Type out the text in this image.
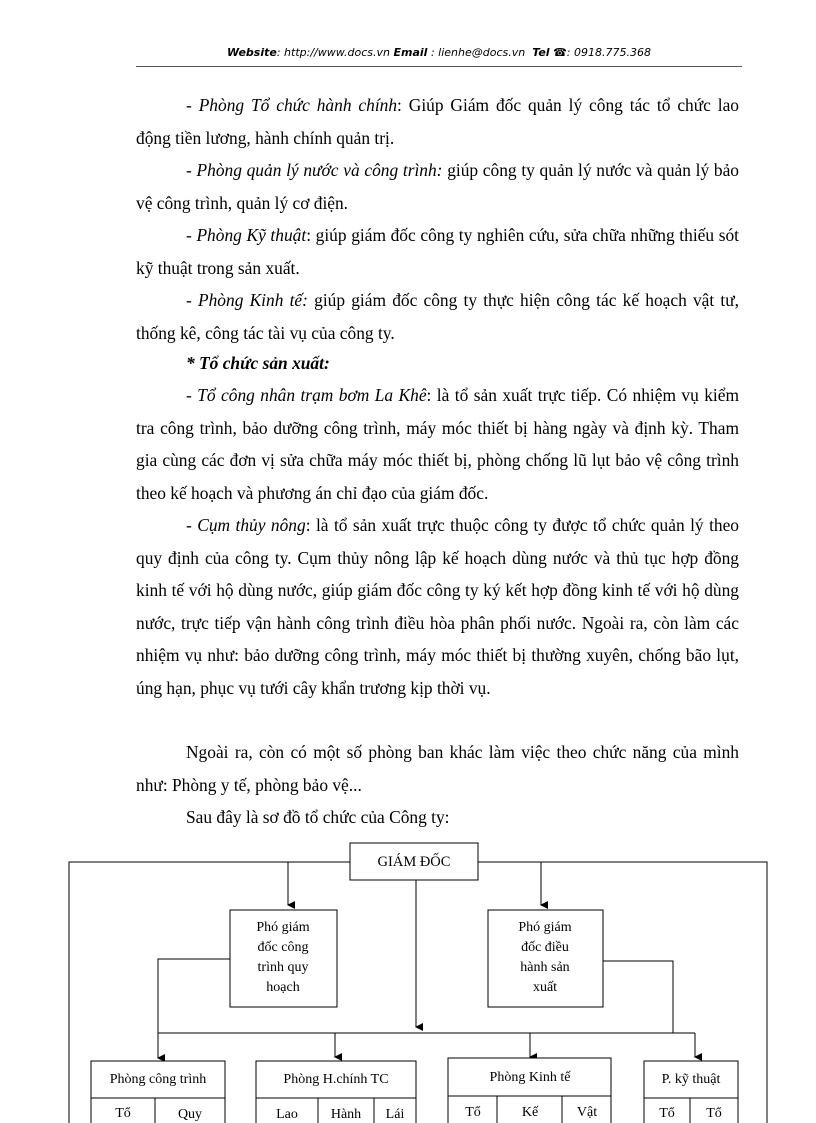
Website: http://www.docs.vn Email : lienhe@docs.vn Tel ☎: 0918.775.368

- Phòng Tổ chức hành chính: Giúp Giám đốc quản lý công tác tổ chức lao động tiền lương, hành chính quản trị.

- Phòng quản lý nước và công trình: giúp công ty quản lý nước và quản lý bảo vệ công trình, quản lý cơ điện.

- Phòng Kỹ thuật: giúp giám đốc công ty nghiên cứu, sửa chữa những thiếu sót kỹ thuật trong sản xuất.

- Phòng Kinh tế: giúp giám đốc công ty thực hiện công tác kế hoạch vật tư, thống kê, công tác tài vụ của công ty.

* Tổ chức sản xuất:

- Tổ công nhân trạm bơm La Khê: là tổ sản xuất trực tiếp. Có nhiệm vụ kiểm tra công trình, bảo dưỡng công trình, máy móc thiết bị hàng ngày và định kỳ. Tham gia cùng các đơn vị sửa chữa máy móc thiết bị, phòng chống lũ lụt bảo vệ công trình theo kế hoạch và phương án chỉ đạo của giám đốc.

- Cụm thủy nông: là tổ sản xuất trực thuộc công ty được tổ chức quản lý theo quy định của công ty. Cụm thủy nông lập kế hoạch dùng nước và thủ tục hợp đồng kinh tế với hộ dùng nước, giúp giám đốc công ty ký kết hợp đồng kinh tế với hộ dùng nước, trực tiếp vận hành công trình điều hòa phân phối nước. Ngoài ra, còn làm các nhiệm vụ như: bảo dưỡng công trình, máy móc thiết bị thường xuyên, chống bão lụt, úng hạn, phục vụ tưới cây khẩn trương kịp thời vụ.

Ngoài ra, còn có một số phòng ban khác làm việc theo chức năng của mình như: Phòng y tế, phòng bảo vệ...

Sau đây là sơ đồ tổ chức của Công ty:

GIÁM ĐỐC
Phó giám
đốc công
trình quy
hoạch
Phó giám
đốc điều
hành sản
xuất
Phòng công trình	Phòng H.chính TC	Phòng Kinh tế	P. kỹ thuật
Tổ	Quy	Lao Hành Lái	Tổ	Kế	Vật	Tổ Tổ
